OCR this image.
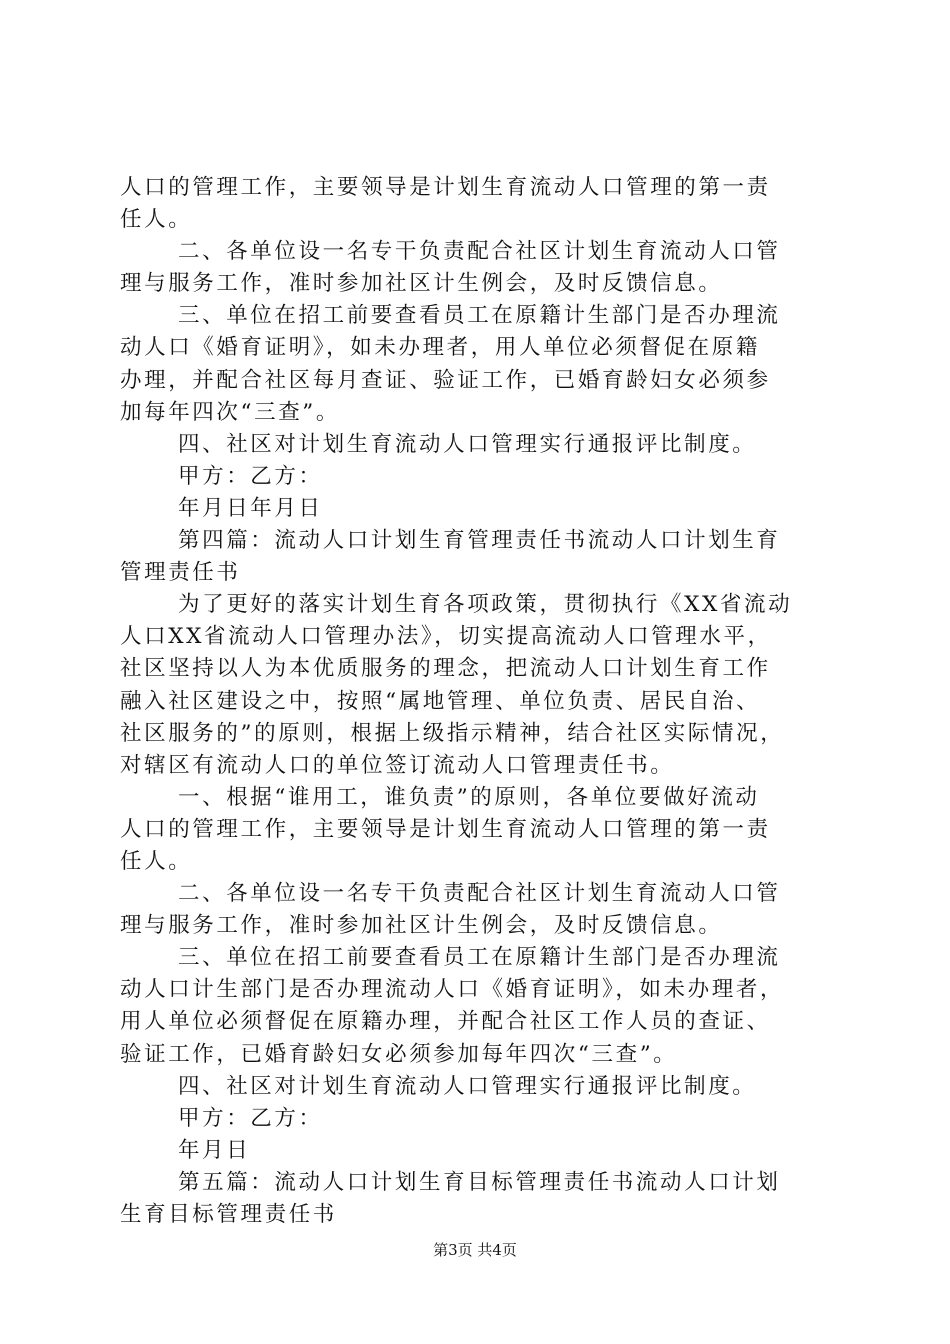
人口的管理工作，主要领导是计划生育流动人口管理的第一责
任人。
二、各单位设一名专干负责配合社区计划生育流动人口管
理与服务工作，准时参加社区计生例会，及时反馈信息。
三、单位在招工前要查看员工在原籍计生部门是否办理流
动人口《婚育证明》，如未办理者，用人单位必须督促在原籍
办理，并配合社区每月查证、验证工作，已婚育龄妇女必须参
加每年四次“三查”。
四、社区对计划生育流动人口管理实行通报评比制度。
甲方：乙方：
年月日年月日
第四篇：流动人口计划生育管理责任书流动人口计划生育
管理责任书
为了更好的落实计划生育各项政策，贯彻执行《XX省流动
人口XX省流动人口管理办法》，切实提高流动人口管理水平，
社区坚持以人为本优质服务的理念，把流动人口计划生育工作
融入社区建设之中，按照“属地管理、单位负责、居民自治、
社区服务的”的原则，根据上级指示精神，结合社区实际情况，
对辖区有流动人口的单位签订流动人口管理责任书。
一、根据“谁用工，谁负责”的原则，各单位要做好流动
人口的管理工作，主要领导是计划生育流动人口管理的第一责
任人。
二、各单位设一名专干负责配合社区计划生育流动人口管
理与服务工作，准时参加社区计生例会，及时反馈信息。
三、单位在招工前要查看员工在原籍计生部门是否办理流
动人口计生部门是否办理流动人口《婚育证明》，如未办理者，
用人单位必须督促在原籍办理，并配合社区工作人员的查证、
验证工作，已婚育龄妇女必须参加每年四次“三查”。
四、社区对计划生育流动人口管理实行通报评比制度。
甲方：乙方：
年月日
第五篇：流动人口计划生育目标管理责任书流动人口计划
生育目标管理责任书
第3页 共4页
